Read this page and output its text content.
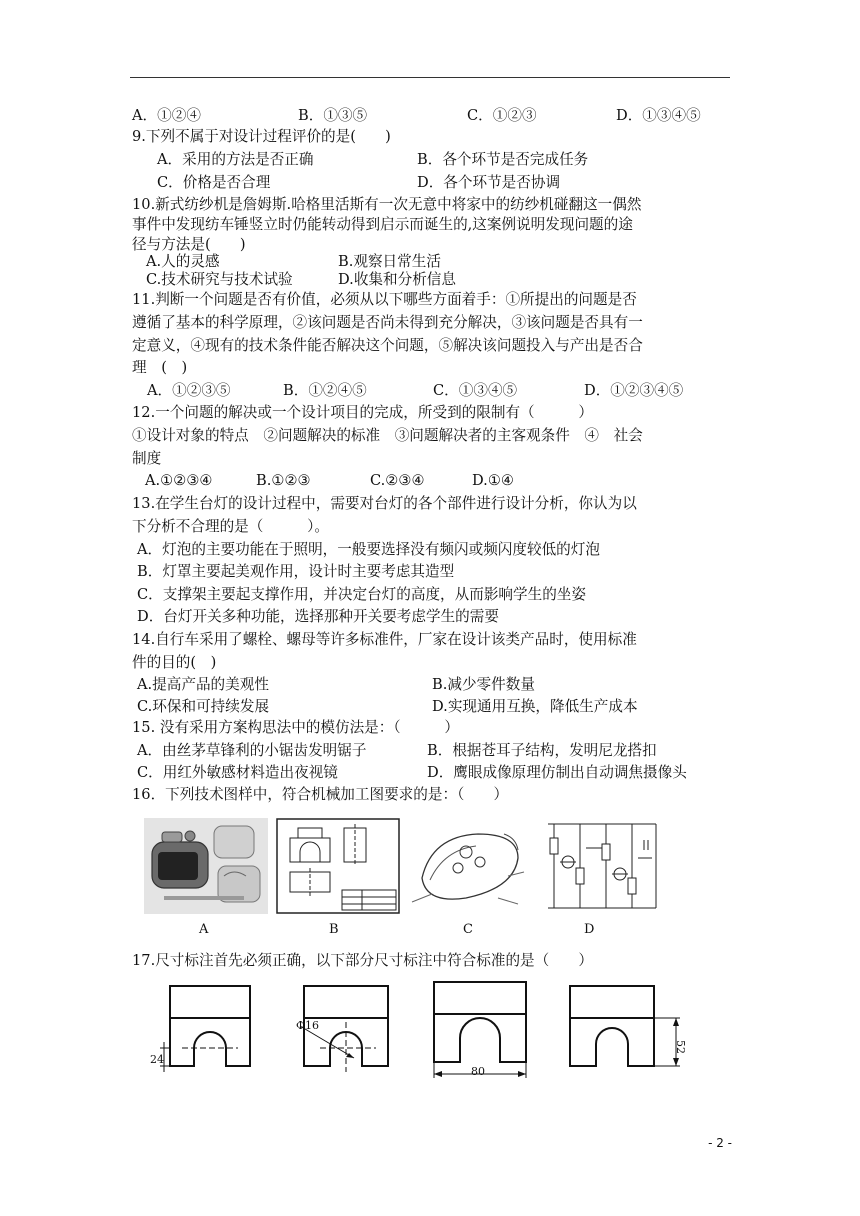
A．①②④	B．①③⑤	C．①②③	D．①③④⑤
9.下列不属于对设计过程评价的是(　　)
A．采用的方法是否正确	B．各个环节是否完成任务
C．价格是否合理	D．各个环节是否协调
10.新式纺纱机是詹姆斯.哈格里活斯有一次无意中将家中的纺纱机碰翻这一偶然
事件中发现纺车锤竖立时仍能转动得到启示而诞生的,这案例说明发现问题的途
径与方法是(　　)
A.人的灵感	B.观察日常生活
C.技术研究与技术试验	D.收集和分析信息
11.判断一个问题是否有价值，必须从以下哪些方面着手：①所提出的问题是否
遵循了基本的科学原理，②该问题是否尚未得到充分解决，③该问题是否具有一
定意义，④现有的技术条件能否解决这个问题，⑤解决该问题投入与产出是否合
理　(　)
A．①②③⑤	B．①②④⑤	C．①③④⑤	D．①②③④⑤
12.一个问题的解决或一个设计项目的完成，所受到的限制有（　　　）
①设计对象的特点　②问题解决的标准　③问题解决者的主客观条件　④　社会
制度
A.①②③④	B.①②③	C.②③④	D.①④
13.在学生台灯的设计过程中，需要对台灯的各个部件进行设计分析，你认为以
下分析不合理的是（　　　）。
A．灯泡的主要功能在于照明，一般要选择没有频闪或频闪度较低的灯泡
B．灯罩主要起美观作用，设计时主要考虑其造型
C．支撑架主要起支撑作用，并决定台灯的高度，从而影响学生的坐姿
D．台灯开关多种功能，选择那种开关要考虑学生的需要
14.自行车采用了螺栓、螺母等许多标准件，厂家在设计该类产品时，使用标准
件的目的(　)
A.提高产品的美观性	B.减少零件数量
C.环保和可持续发展	D.实现通用互换，降低生产成本
15. 没有采用方案构思法中的模仿法是：（　　　）
A．由丝茅草锋利的小锯齿发明锯子	B．根据苍耳子结构，发明尼龙搭扣
C．用红外敏感材料造出夜视镜	D．鹰眼成像原理仿制出自动调焦摄像头
16．下列技术图样中，符合机械加工图要求的是：（　　）
A	B	C	D
17.尺寸标注首先必须正确，以下部分尺寸标注中符合标准的是（　　）
24
Φ16
80
52
- 2 -
